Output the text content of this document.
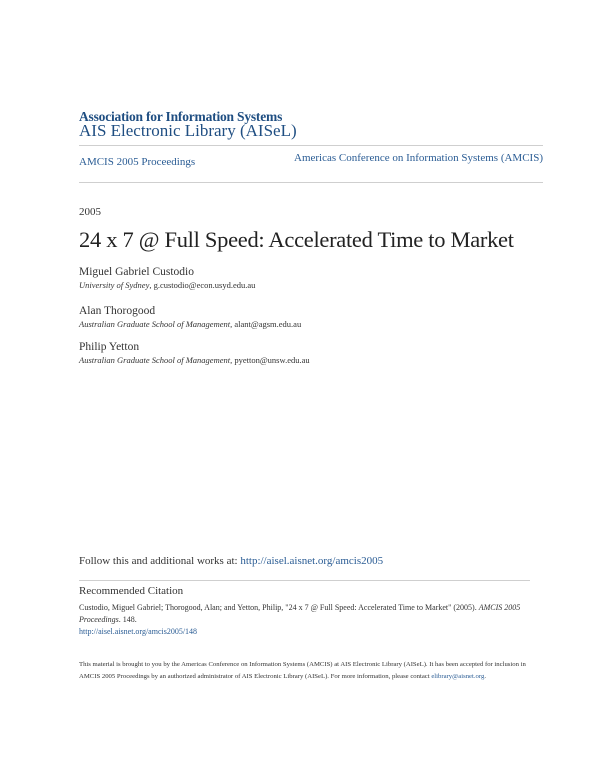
Association for Information Systems
AIS Electronic Library (AISeL)
AMCIS 2005 Proceedings	Americas Conference on Information Systems (AMCIS)
2005
24 x 7 @ Full Speed: Accelerated Time to Market
Miguel Gabriel Custodio
University of Sydney, g.custodio@econ.usyd.edu.au
Alan Thorogood
Australian Graduate School of Management, alant@agsm.edu.au
Philip Yetton
Australian Graduate School of Management, pyetton@unsw.edu.au
Follow this and additional works at: http://aisel.aisnet.org/amcis2005
Recommended Citation
Custodio, Miguel Gabriel; Thorogood, Alan; and Yetton, Philip, "24 x 7 @ Full Speed: Accelerated Time to Market" (2005). AMCIS 2005 Proceedings. 148.
http://aisel.aisnet.org/amcis2005/148
This material is brought to you by the Americas Conference on Information Systems (AMCIS) at AIS Electronic Library (AISeL). It has been accepted for inclusion in AMCIS 2005 Proceedings by an authorized administrator of AIS Electronic Library (AISeL). For more information, please contact elibrary@aisnet.org.
